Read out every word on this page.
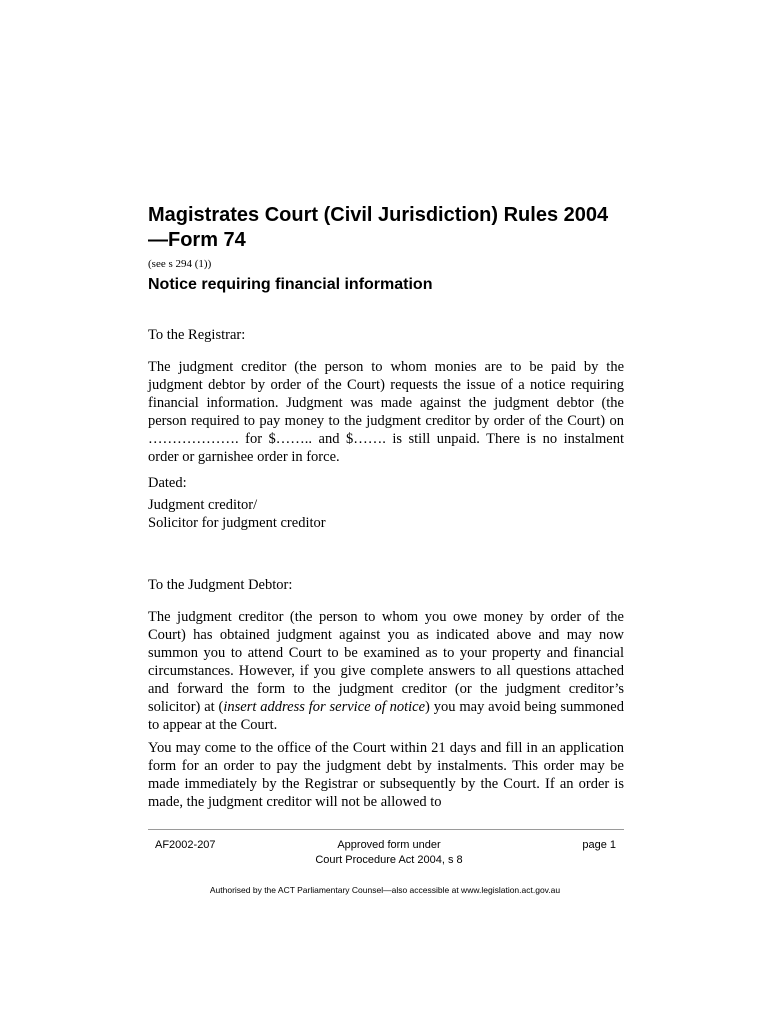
Magistrates Court (Civil Jurisdiction) Rules 2004—Form 74
(see s 294 (1))
Notice requiring financial information
To the Registrar:

The judgment creditor (the person to whom monies are to be paid by the judgment debtor by order of the Court) requests the issue of a notice requiring financial information. Judgment was made against the judgment debtor (the person required to pay money to the judgment creditor by order of the Court) on ………………. for $…….. and $……. is still unpaid. There is no instalment order or garnishee order in force.

Dated:
Judgment creditor/
Solicitor for judgment creditor
To the Judgment Debtor:

The judgment creditor (the person to whom you owe money by order of the Court) has obtained judgment against you as indicated above and may now summon you to attend Court to be examined as to your property and financial circumstances. However, if you give complete answers to all questions attached and forward the form to the judgment creditor (or the judgment creditor’s solicitor) at (insert address for service of notice) you may avoid being summoned to appear at the Court.

You may come to the office of the Court within 21 days and fill in an application form for an order to pay the judgment debt by instalments. This order may be made immediately by the Registrar or subsequently by the Court. If an order is made, the judgment creditor will not be allowed to

AF2002-207	Approved form under
Court Procedure Act 2004, s 8
page 1
Authorised by the ACT Parliamentary Counsel—also accessible at www.legislation.act.gov.au
